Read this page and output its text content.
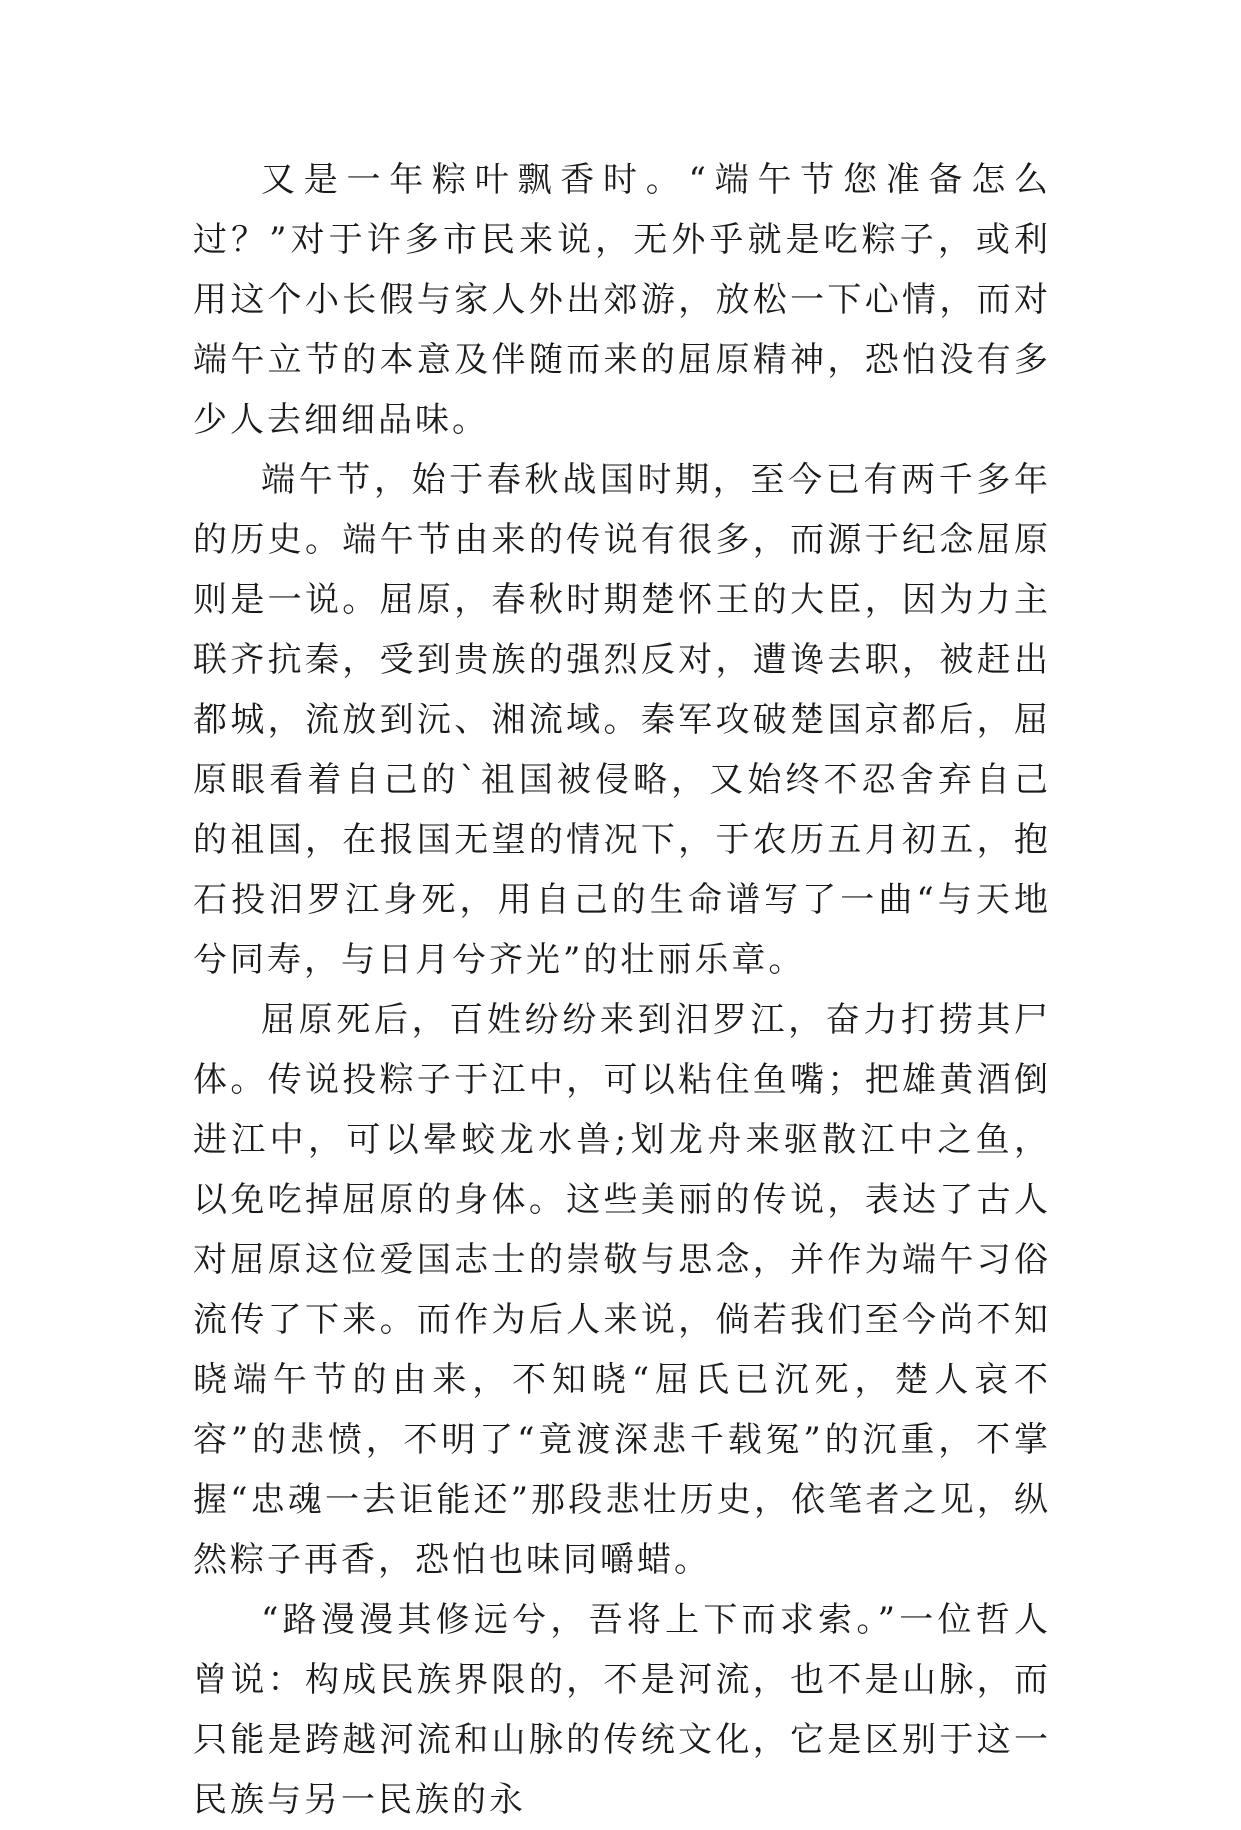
又是一年粽叶飘香时。“端午节您准备怎么过？”对于许多市民来说，无外乎就是吃粽子，或利用这个小长假与家人外出郊游，放松一下心情，而对端午立节的本意及伴随而来的屈原精神，恐怕没有多少人去细细品味。

端午节，始于春秋战国时期，至今已有两千多年的历史。端午节由来的传说有很多，而源于纪念屈原则是一说。屈原，春秋时期楚怀王的大臣，因为力主联齐抗秦，受到贵族的强烈反对，遭谗去职，被赶出都城，流放到沅、湘流域。秦军攻破楚国京都后，屈原眼看着自己的`祖国被侵略，又始终不忍舍弃自己的祖国，在报国无望的情况下，于农历五月初五，抱石投汨罗江身死，用自己的生命谱写了一曲“与天地兮同寿，与日月兮齐光”的壮丽乐章。

屈原死后，百姓纷纷来到汨罗江，奋力打捞其尸体。传说投粽子于江中，可以粘住鱼嘴；把雄黄酒倒进江中，可以晕蛟龙水兽;划龙舟来驱散江中之鱼，以免吃掉屈原的身体。这些美丽的传说，表达了古人对屈原这位爱国志士的崇敬与思念，并作为端午习俗流传了下来。而作为后人来说，倘若我们至今尚不知晓端午节的由来，不知晓“屈氏已沉死，楚人哀不容”的悲愤，不明了“竟渡深悲千载冤”的沉重，不掌握“忠魂一去讵能还”那段悲壮历史，依笔者之见，纵然粽子再香，恐怕也味同嚼蜡。

“路漫漫其修远兮，吾将上下而求索。”一位哲人曾说：构成民族界限的，不是河流，也不是山脉，而只能是跨越河流和山脉的传统文化，它是区别于这一民族与另一民族的永
